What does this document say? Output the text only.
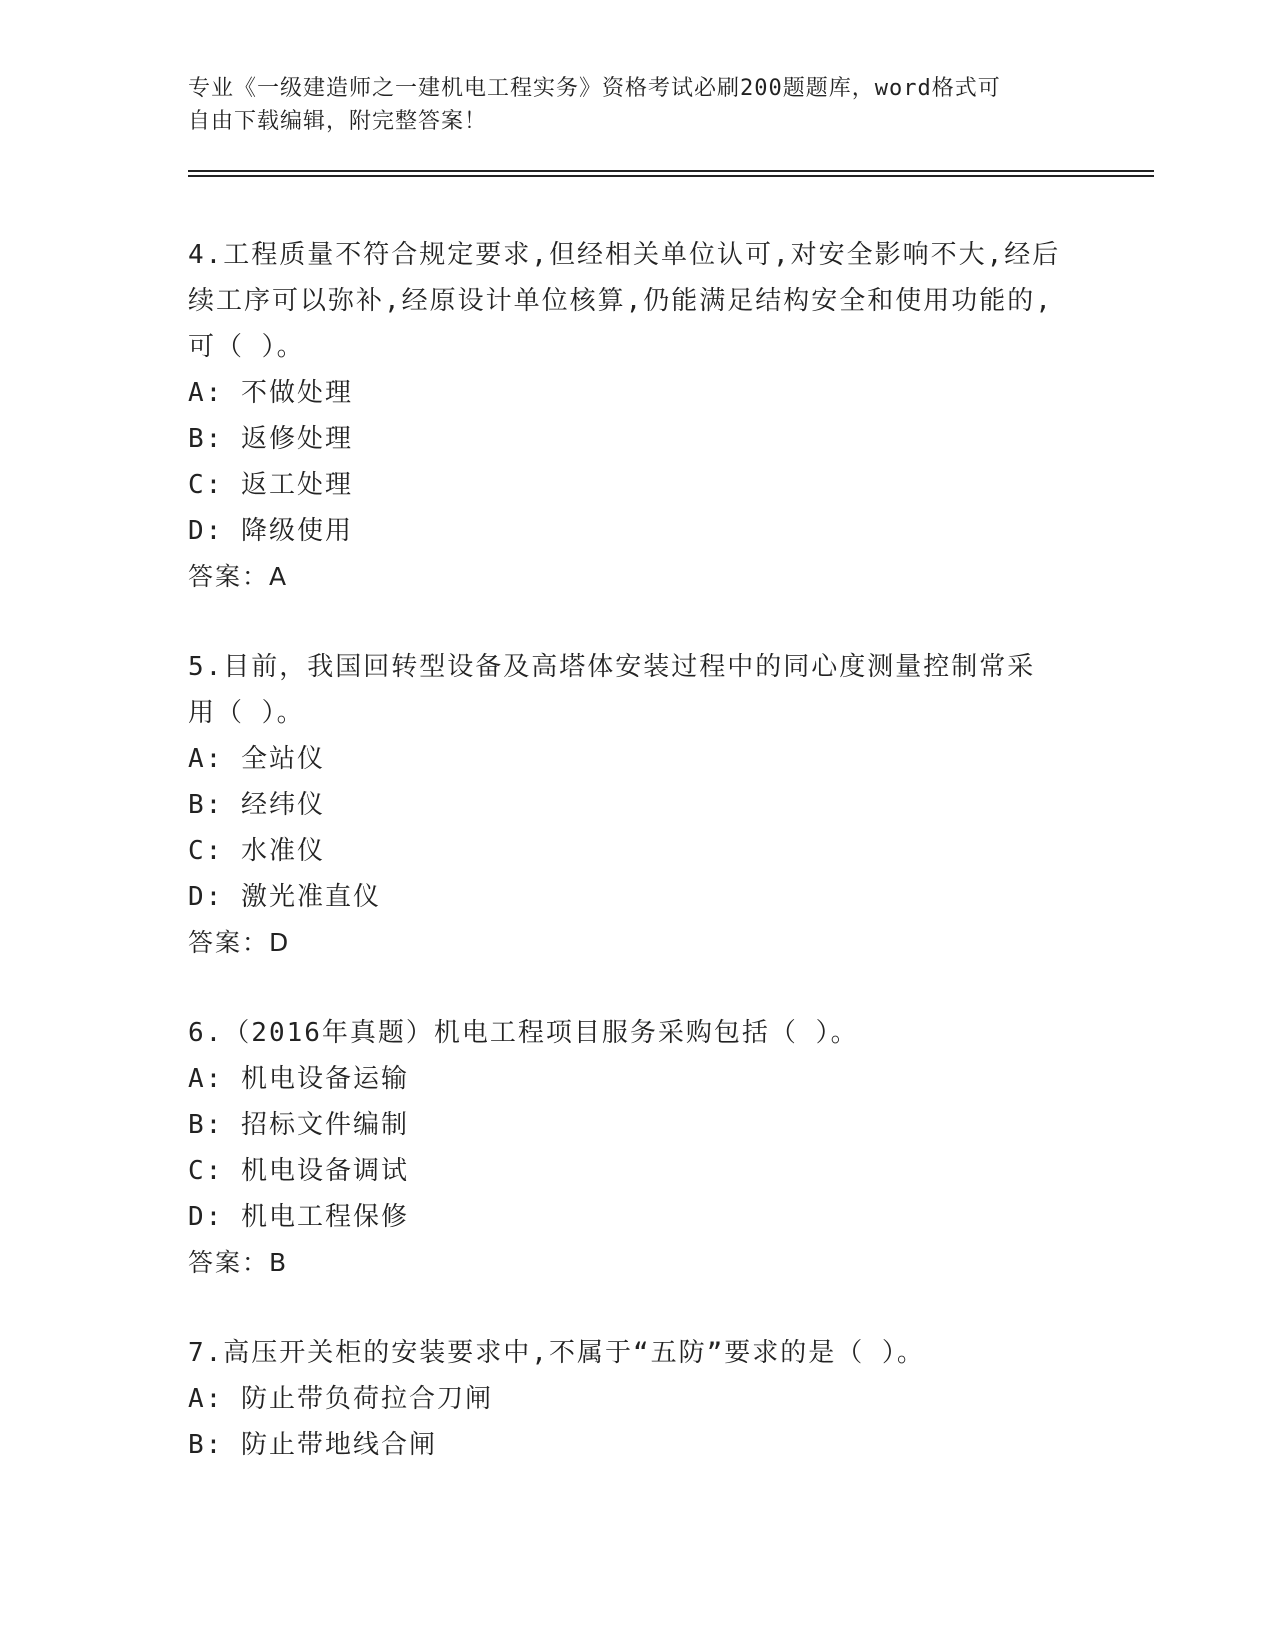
专业《一级建造师之一建机电工程实务》资格考试必刷200题题库，word格式可
自由下载编辑，附完整答案！

4.工程质量不符合规定要求,但经相关单位认可,对安全影响不大,经后

续工序可以弥补,经原设计单位核算,仍能满足结构安全和使用功能的,

可（ ）。

A: 不做处理

B: 返修处理

C: 返工处理

D: 降级使用

答案：A

5.目前，我国回转型设备及高塔体安装过程中的同心度测量控制常采

用（ ）。

A: 全站仪

B: 经纬仪

C: 水准仪

D: 激光准直仪

答案：D

6.（2016年真题）机电工程项目服务采购包括（ ）。

A: 机电设备运输

B: 招标文件编制

C: 机电设备调试

D: 机电工程保修

答案：B

7.高压开关柜的安装要求中,不属于“五防”要求的是（ ）。

A: 防止带负荷拉合刀闸

B: 防止带地线合闸
